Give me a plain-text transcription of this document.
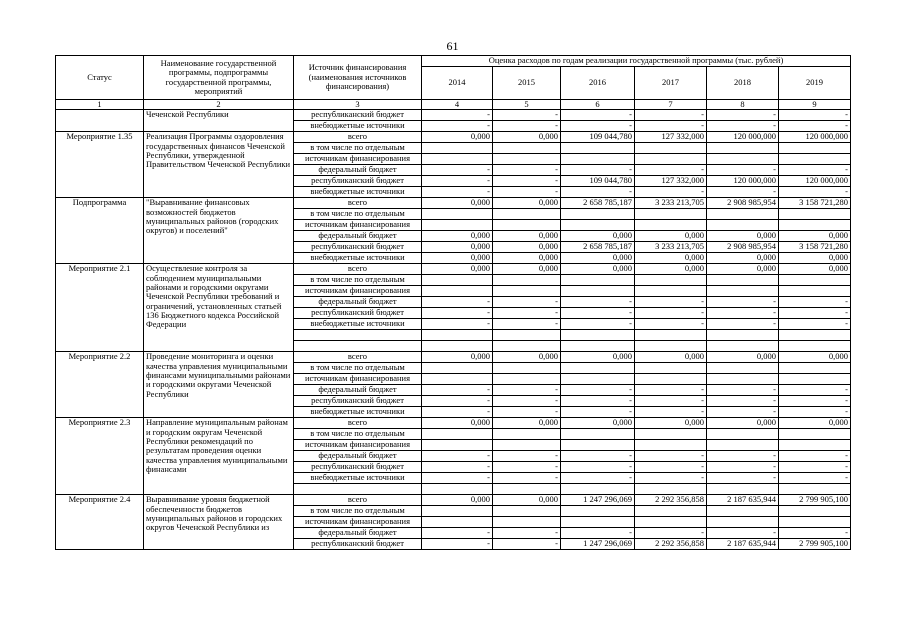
61
Статус	Наименование государственной программы, подпрограммы государственной программы, мероприятий	Источник финансирования (наименования источников финансирования)	Оценка расходов по годам реализации государственной программы (тыс. рублей)					
			2014	2015	2016	2017	2018	2019
1	2	3	4	5	6	7	8	9
	Чеченской Республики	республиканский бюджет	-	-	-	-	-	-
		внебюджетные источники	-	-	-	-	-	-
Мероприятие 1.35	Реализация Программы оздоровления государственных финансов Чеченской Республики, утвержденной Правительством Чеченской Республики	всего	0,000	0,000	109 044,780	127 332,000	120 000,000	120 000,000
		в том числе по отдельным						
		источникам финансирования						
		федеральный бюджет	-	-	-	-	-	-
		республиканский бюджет	-	-	109 044,780	127 332,000	120 000,000	120 000,000
		внебюджетные источники	-	-	-	-	-	-
Подпрограмма	"Выравнивание финансовых возможностей бюджетов муниципальных районов (городских округов) и поселений"	всего	0,000	0,000	2 658 785,187	3 233 213,705	2 908 985,954	3 158 721,280
		в том числе по отдельным						
		источникам финансирования						
		федеральный бюджет	0,000	0,000	0,000	0,000	0,000	0,000
		республиканский бюджет	0,000	0,000	2 658 785,187	3 233 213,705	2 908 985,954	3 158 721,280
		внебюджетные источники	0,000	0,000	0,000	0,000	0,000	0,000
Мероприятие 2.1	Осуществление контроля за соблюдением муниципальными районами и городскими округами Чеченской Республики требований и ограничений, установленных статьей 136 Бюджетного кодекса Российской Федерации	всего	0,000	0,000	0,000	0,000	0,000	0,000
		в том числе по отдельным						
		источникам финансирования						
		федеральный бюджет	-	-	-	-	-	-
		республиканский бюджет	-	-	-	-	-	-
		внебюджетные источники	-	-	-	-	-	-

Мероприятие 2.2	Проведение мониторинга и оценки качества управления муниципальными финансами муниципальными районами и городскими округами Чеченской Республики	всего	0,000	0,000	0,000	0,000	0,000	0,000
		в том числе по отдельным						
		источникам финансирования						
		федеральный бюджет	-	-	-	-	-	-
		республиканский бюджет	-	-	-	-	-	-
		внебюджетные источники	-	-	-	-	-	-
Мероприятие 2.3	Направление муниципальным районам и городским округам Чеченской Республики рекомендаций по результатам проведения оценки качества управления муниципальными финансами	всего	0,000	0,000	0,000	0,000	0,000	0,000
		в том числе по отдельным						
		источникам финансирования						
		федеральный бюджет	-	-	-	-	-	-
		республиканский бюджет	-	-	-	-	-	-
		внебюджетные источники	-	-	-	-	-	-

Мероприятие 2.4	Выравнивание уровня бюджетной обеспеченности бюджетов муниципальных районов и городских округов Чеченской Республики из	всего	0,000	0,000	1 247 296,069	2 292 356,858	2 187 635,944	2 799 905,100
		в том числе по отдельным						
		источникам финансирования						
		федеральный бюджет	-	-	-	-	-	-
		республиканский бюджет	-	-	1 247 296,069	2 292 356,858	2 187 635,944	2 799 905,100
